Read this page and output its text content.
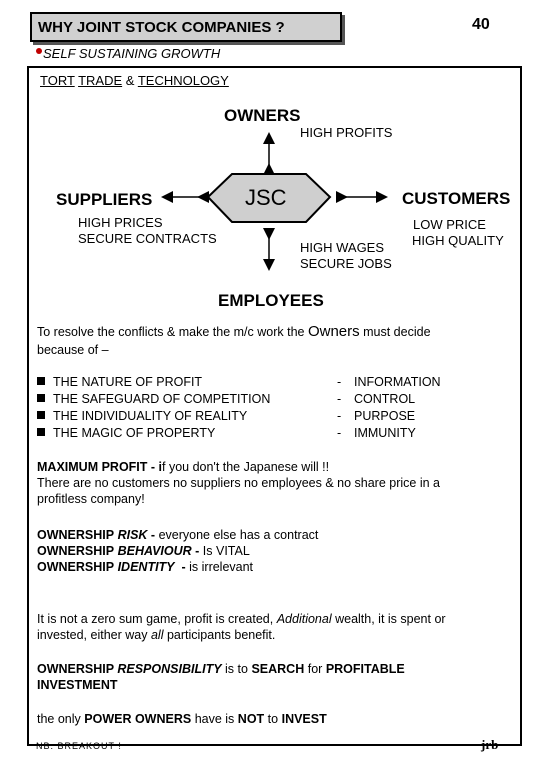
WHY JOINT STOCK COMPANIES ?	40
SELF SUSTAINING GROWTH
TORT TRADE & TECHNOLOGY
OWNERS
HIGH PROFITS
JSC
SUPPLIERS
HIGH PRICES
SECURE CONTRACTS
CUSTOMERS
LOW PRICE
HIGH QUALITY
HIGH WAGES
SECURE JOBS
EMPLOYEES
To resolve the conflicts & make the m/c work the Owners must decide
because of –
THE NATURE OF PROFIT
THE SAFEGUARD OF COMPETITION
THE INDIVIDUALITY OF REALITY
THE MAGIC OF PROPERTY
- INFORMATION
- CONTROL
- PURPOSE
- IMMUNITY
MAXIMUM PROFIT - if you don't the Japanese will !!
There are no customers no suppliers no employees & no share price in a
profitless company!
OWNERSHIP RISK - everyone else has a contract
OWNERSHIP BEHAVIOUR - Is VITAL
OWNERSHIP IDENTITY  - is irrelevant
It is not a zero sum game, profit is created, Additional wealth, it is spent or
invested, either way all participants benefit.
OWNERSHIP RESPONSIBILITY is to SEARCH for PROFITABLE
INVESTMENT
the only POWER OWNERS have is NOT to INVEST
NB. BREAKOUT !	jrb
